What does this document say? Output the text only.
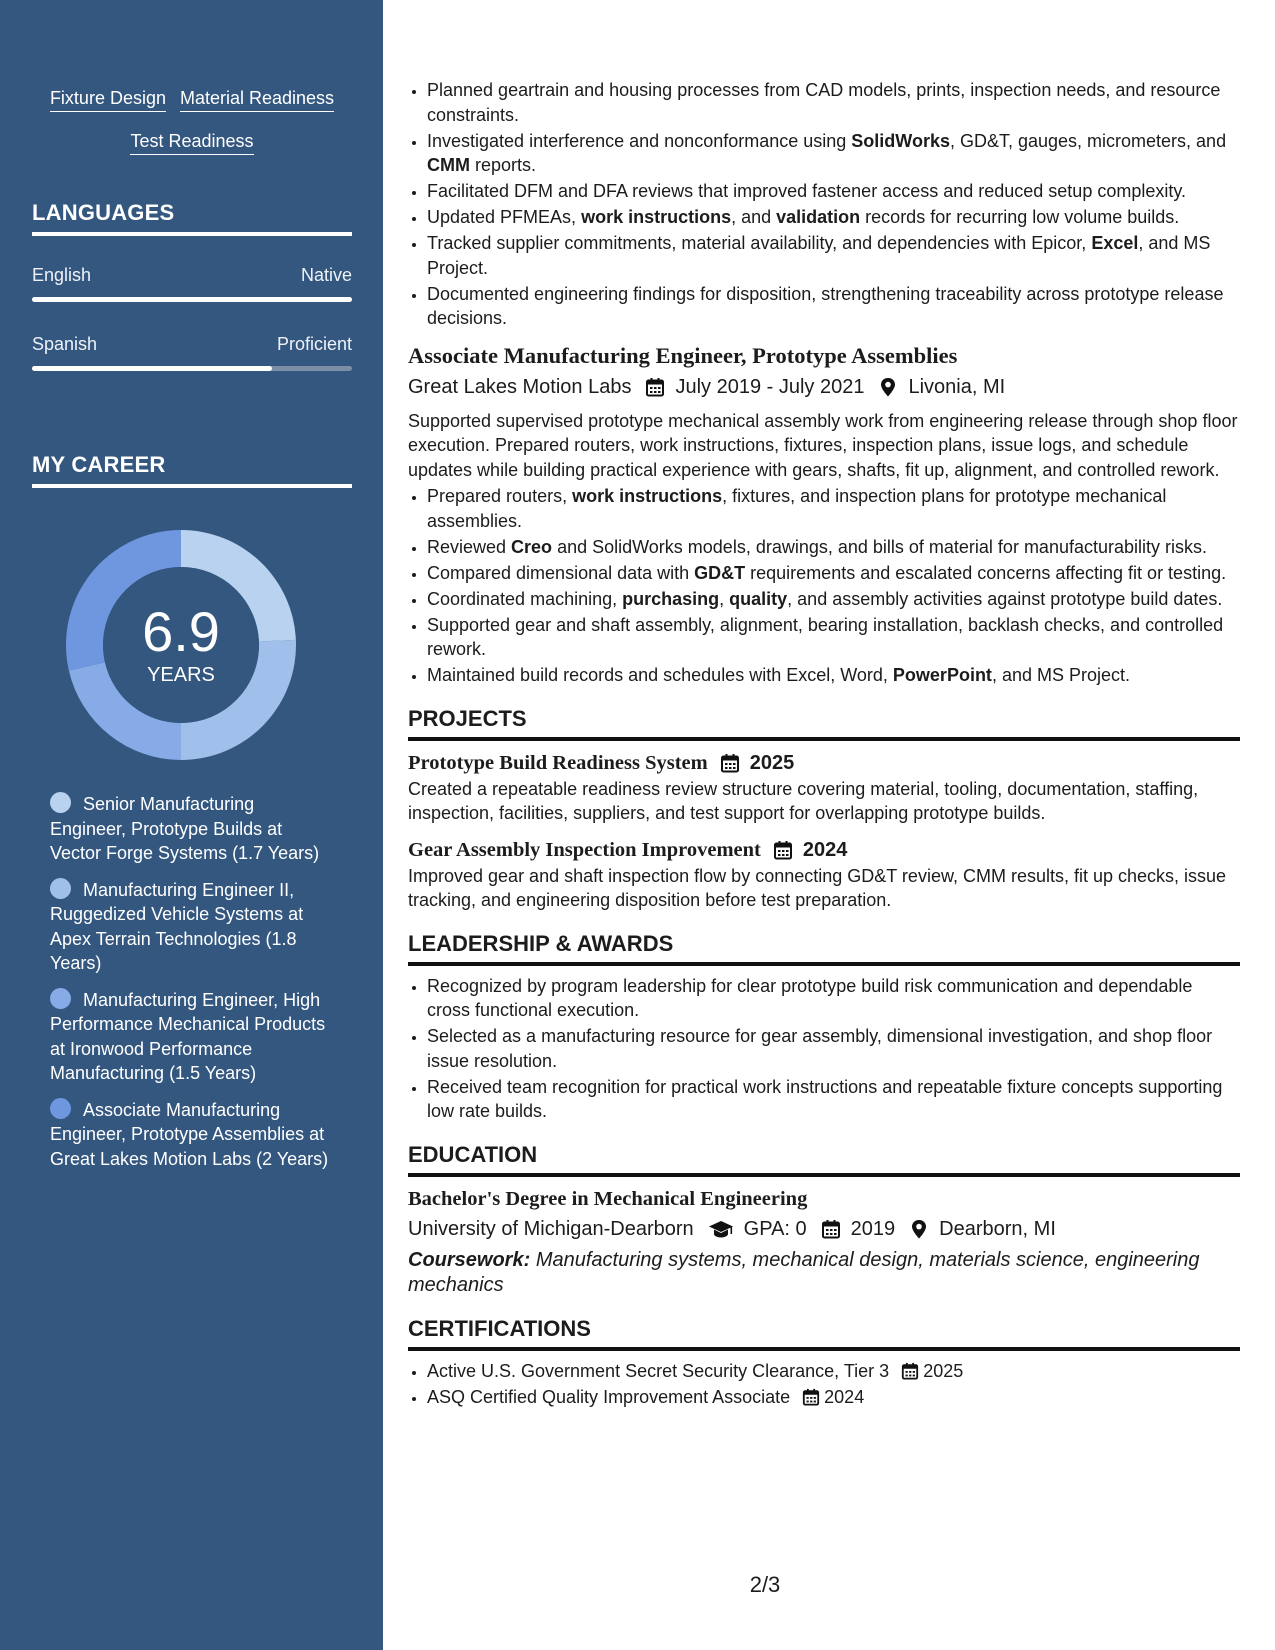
Fixture Design Material Readiness
Test Readiness
LANGUAGES
English	Native
Spanish	Proficient
MY CAREER
6.9
YEARS
Senior Manufacturing Engineer, Prototype Builds at Vector Forge Systems (1.7 Years)
Manufacturing Engineer II, Ruggedized Vehicle Systems at Apex Terrain Technologies (1.8 Years)
Manufacturing Engineer, High Performance Mechanical Products at Ironwood Performance Manufacturing (1.5 Years)
Associate Manufacturing Engineer, Prototype Assemblies at Great Lakes Motion Labs (2 Years)
• Planned geartrain and housing processes from CAD models, prints, inspection needs, and resource constraints.
• Investigated interference and nonconformance using SolidWorks, GD&T, gauges, micrometers, and CMM reports.
• Facilitated DFM and DFA reviews that improved fastener access and reduced setup complexity.
• Updated PFMEAs, work instructions, and validation records for recurring low volume builds.
• Tracked supplier commitments, material availability, and dependencies with Epicor, Excel, and MS Project.
• Documented engineering findings for disposition, strengthening traceability across prototype release decisions.
Associate Manufacturing Engineer, Prototype Assemblies
Great Lakes Motion Labs July 2019 - July 2021 Livonia, MI
Supported supervised prototype mechanical assembly work from engineering release through shop floor execution. Prepared routers, work instructions, fixtures, inspection plans, issue logs, and schedule updates while building practical experience with gears, shafts, fit up, alignment, and controlled rework.
• Prepared routers, work instructions, fixtures, and inspection plans for prototype mechanical assemblies.
• Reviewed Creo and SolidWorks models, drawings, and bills of material for manufacturability risks.
• Compared dimensional data with GD&T requirements and escalated concerns affecting fit or testing.
• Coordinated machining, purchasing, quality, and assembly activities against prototype build dates.
• Supported gear and shaft assembly, alignment, bearing installation, backlash checks, and controlled rework.
• Maintained build records and schedules with Excel, Word, PowerPoint, and MS Project.
PROJECTS
Prototype Build Readiness System 2025
Created a repeatable readiness review structure covering material, tooling, documentation, staffing, inspection, facilities, suppliers, and test support for overlapping prototype builds.
Gear Assembly Inspection Improvement 2024
Improved gear and shaft inspection flow by connecting GD&T review, CMM results, fit up checks, issue tracking, and engineering disposition before test preparation.
LEADERSHIP & AWARDS
• Recognized by program leadership for clear prototype build risk communication and dependable cross functional execution.
• Selected as a manufacturing resource for gear assembly, dimensional investigation, and shop floor issue resolution.
• Received team recognition for practical work instructions and repeatable fixture concepts supporting low rate builds.
EDUCATION
Bachelor's Degree in Mechanical Engineering
University of Michigan-Dearborn	GPA: 0 2019 Dearborn, MI
Coursework: Manufacturing systems, mechanical design, materials science, engineering mechanics
CERTIFICATIONS
• Active U.S. Government Secret Security Clearance, Tier 3 2025
• ASQ Certified Quality Improvement Associate 2024
2/3
